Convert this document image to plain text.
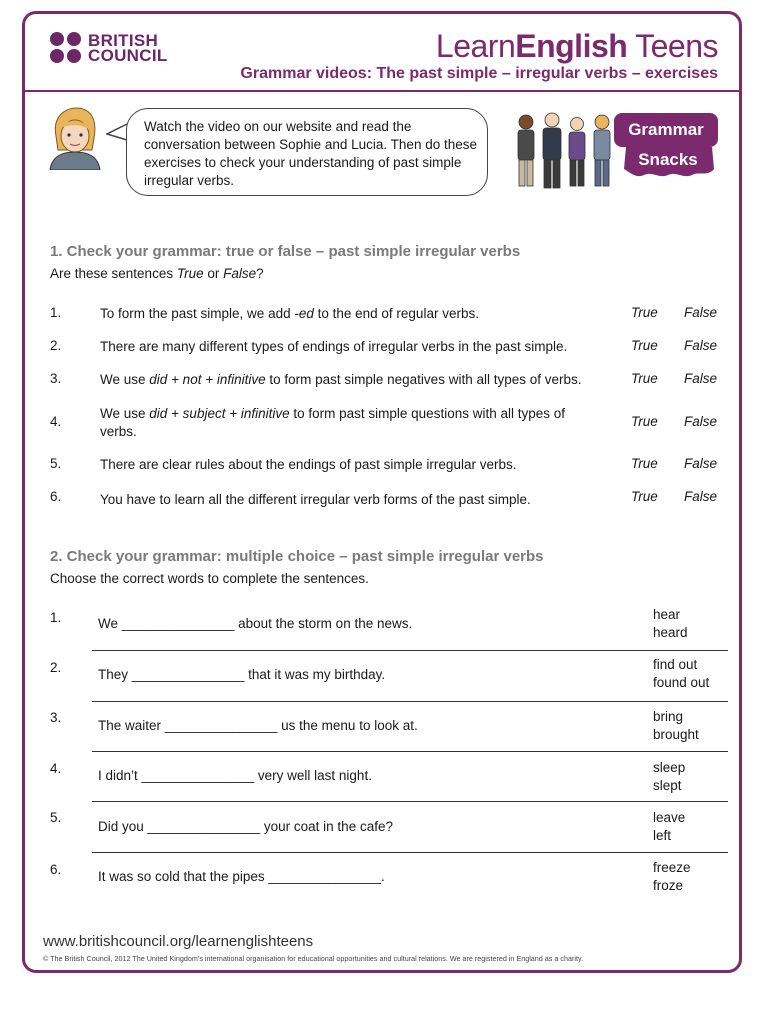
BRITISH
COUNCIL	LearnEnglish Teens
Grammar videos: The past simple – irregular verbs – exercises
Watch the video on our website and read the conversation between Sophie and Lucia. Then do these exercises to check your understanding of past simple irregular verbs.
Grammar
Snacks
1. Check your grammar: true or false – past simple irregular verbs
Are these sentences True or False?
1.	To form the past simple, we add -ed to the end of regular verbs.	True False
2.	There are many different types of endings of irregular verbs in the past simple.	True False
3.	We use did + not + infinitive to form past simple negatives with all types of verbs.	True False
4.
We use did + subject + infinitive to form past simple questions with all types of verbs.
True False
5.	There are clear rules about the endings of past simple irregular verbs.	True False
6.	You have to learn all the different irregular verb forms of the past simple.	True False
2. Check your grammar: multiple choice – past simple irregular verbs
Choose the correct words to complete the sentences.
1.	We _______________ about the storm on the news.
hear
heard
2.	They _______________ that it was my birthday.
find out
found out
3.
The waiter _______________ us the menu to look at.
bring
brought
4.	I didn’t _______________ very well last night.
sleep
slept
5.
Did you _______________ your coat in the cafe?
leave
left
6.	It was so cold that the pipes _______________.
freeze
froze
www.britishcouncil.org/learnenglishteens
© The British Council, 2012 The United Kingdom’s international organisation for educational opportunities and cultural relations. We are registered in England as a charity.
